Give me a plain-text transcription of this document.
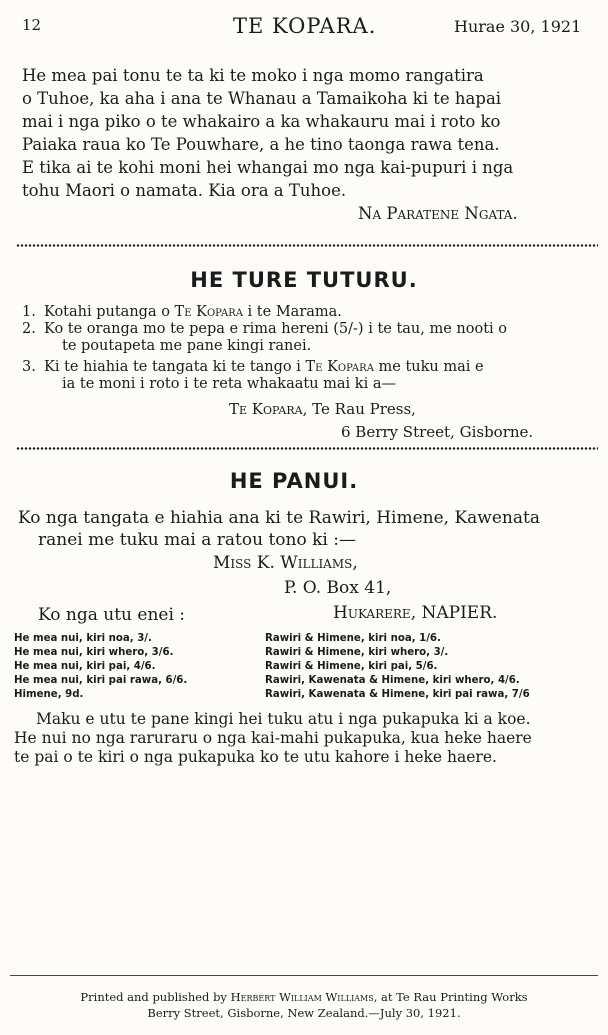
12	TE KOPARA.	Hurae 30, 1921
He mea pai tonu te ta ki te moko i nga momo rangatira
o Tuhoe, ka aha i ana te Whanau a Tamaikoha ki te hapai
mai i nga piko o te whakairo a ka whakauru mai i roto ko
Paiaka raua ko Te Pouwhare, a he tino taonga rawa tena.
E tika ai te kohi moni hei whangai mo nga kai-pupuri i nga
tohu Maori o namata. Kia ora a Tuhoe.
Na Paratene Ngata.
HE TURE TUTURU.
1. Kotahi putanga o Te Kopara i te Marama.
2. Ko te oranga mo te pepa e rima hereni (5/-) i te tau, me nooti o
te poutapeta me pane kingi ranei.
3. Ki te hiahia te tangata ki te tango i Te Kopara me tuku mai e
ia te moni i roto i te reta whakaatu mai ki a—
Te Kopara, Te Rau Press,
6 Berry Street, Gisborne.
HE PANUI.
Ko nga tangata e hiahia ana ki te Rawiri, Himene, Kawenata
ranei me tuku mai a ratou tono ki :—
Miss K. Williams,
P. O. Box 41,
Hukarere, NAPIER.
Ko nga utu enei :
He mea nui, kiri noa, 3/.
He mea nui, kiri whero, 3/6.
He mea nui, kiri pai, 4/6.
He mea nui, kiri pai rawa, 6/6.
Himene, 9d.
Rawiri & Himene, kiri noa, 1/6.
Rawiri & Himene, kiri whero, 3/.
Rawiri & Himene, kiri pai, 5/6.
Rawiri, Kawenata & Himene, kiri whero, 4/6.
Rawiri, Kawenata & Himene, kiri pai rawa, 7/6
Maku e utu te pane kingi hei tuku atu i nga pukapuka ki a koe.
He nui no nga raruraru o nga kai-mahi pukapuka, kua heke haere
te pai o te kiri o nga pukapuka ko te utu kahore i heke haere.
Printed and published by Herbert William Williams, at Te Rau Printing Works
Berry Street, Gisborne, New Zealand.—July 30, 1921.
